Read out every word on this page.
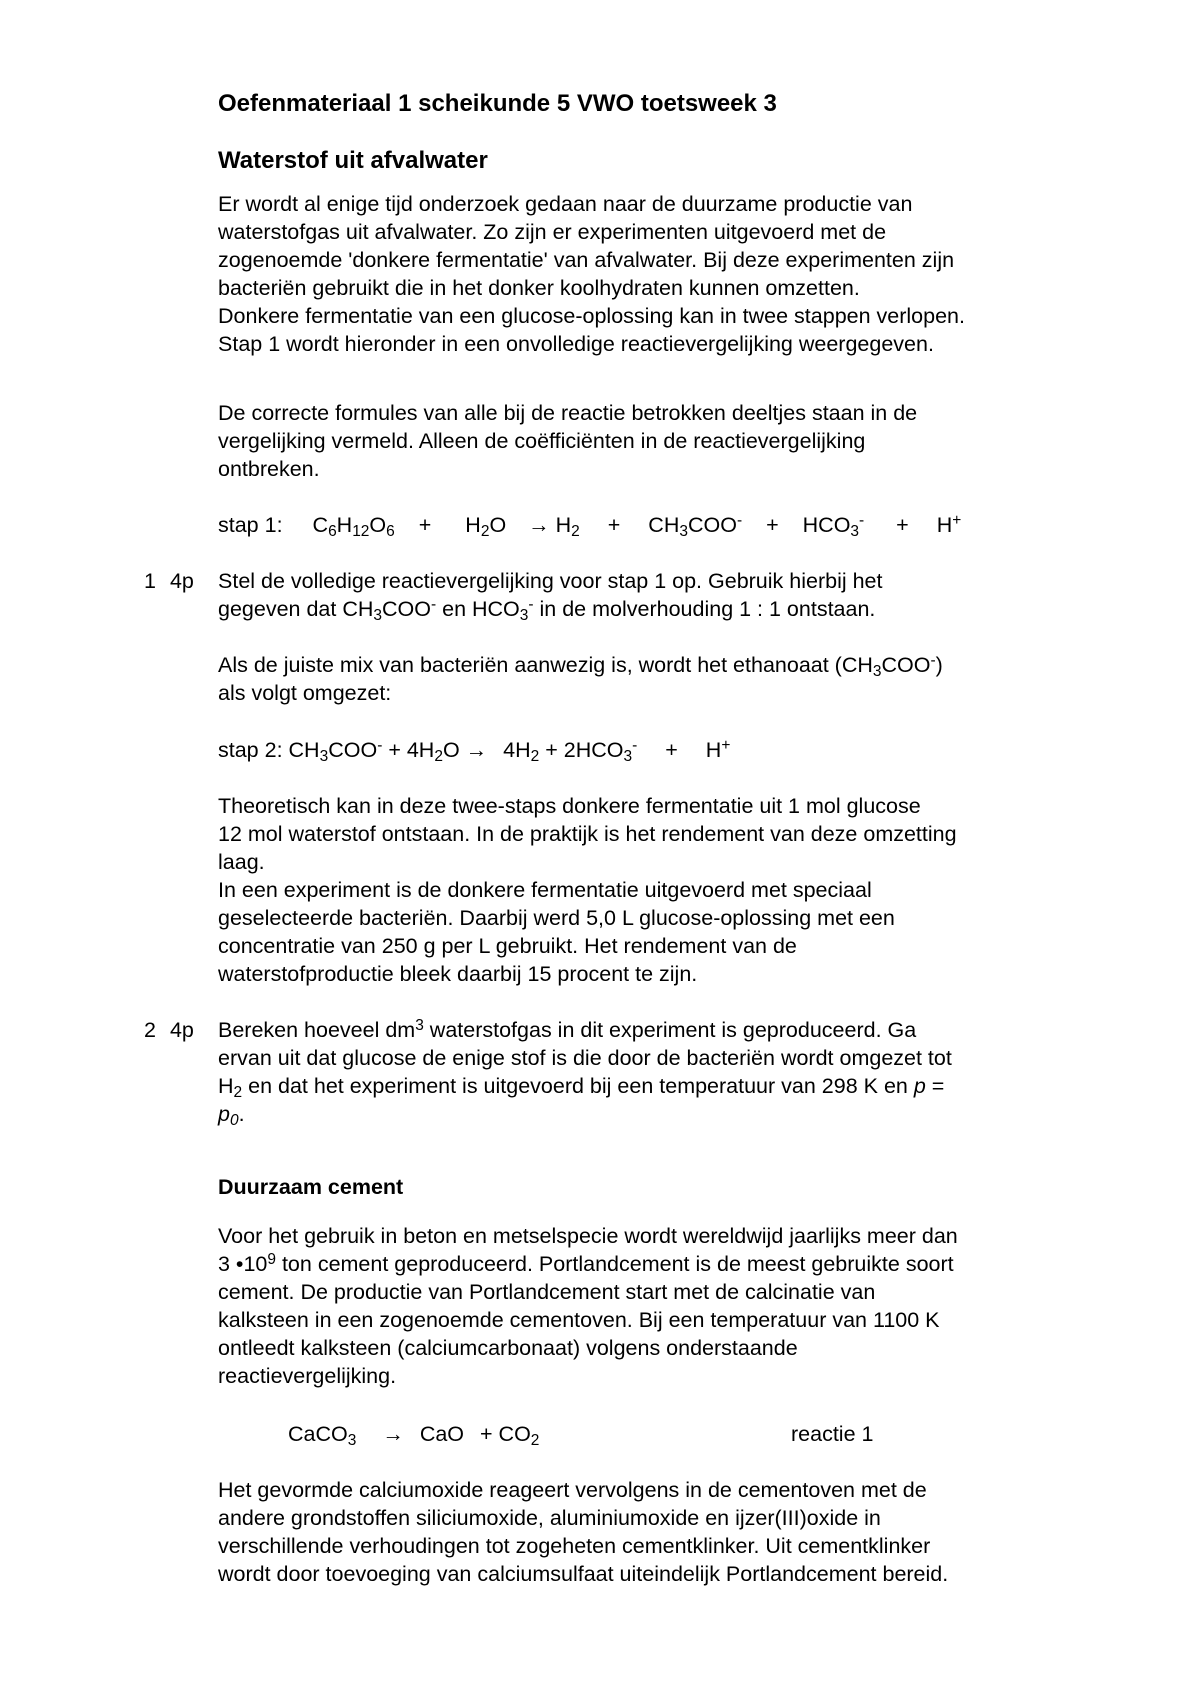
Oefenmateriaal 1 scheikunde 5 VWO toetsweek 3
Waterstof uit afvalwater

Er wordt al enige tijd onderzoek gedaan naar de duurzame productie van

waterstofgas uit afvalwater. Zo zijn er experimenten uitgevoerd met de

zogenoemde 'donkere fermentatie' van afvalwater. Bij deze experimenten zijn

bacteriën gebruikt die in het donker koolhydraten kunnen omzetten.

Donkere fermentatie van een glucose-oplossing kan in twee stappen verlopen.

Stap 1 wordt hieronder in een onvolledige reactievergelijking weergegeven.

De correcte formules van alle bij de reactie betrokken deeltjes staan in de

vergelijking vermeld. Alleen de coëfficiënten in de reactievergelijking

ontbreken.

stap 1: $C_6H_{12}O_6 + H_2O \to H_2 + CH_3COO^- + HCO_3^- + H^+$

1 4p	Stel de volledige reactievergelijking voor stap 1 op. Gebruik hierbij het

gegeven dat $CH_3COO^-$ en $HCO_3^-$ in de molverhouding 1 : 1 ontstaan.

Als de juiste mix van bacteriën aanwezig is, wordt het ethanoaat $(CH_3COO^-)$

als volgt omgezet:

stap 2: $CH_3COO^- + 4H_2O \to 4H_2 + 2HCO_3^- + H^+$

Theoretisch kan in deze twee-staps donkere fermentatie uit 1 mol glucose

12 mol waterstof ontstaan. In de praktijk is het rendement van deze omzetting

laag.

In een experiment is de donkere fermentatie uitgevoerd met speciaal

geselecteerde bacteriën. Daarbij werd 5,0 L glucose-oplossing met een

concentratie van 250 g per L gebruikt. Het rendement van de

waterstofproductie bleek daarbij 15 procent te zijn.

2 4p	Bereken hoeveel $dm^3$ waterstofgas in dit experiment is geproduceerd. Ga

ervan uit dat glucose de enige stof is die door de bacteriën wordt omgezet tot

$H_2$ en dat het experiment is uitgevoerd bij een temperatuur van 298 K en p =

$p_0$.

Duurzaam cement

Voor het gebruik in beton en metselspecie wordt wereldwijd jaarlijks meer dan

3 $•10^9$ ton cement geproduceerd. Portlandcement is de meest gebruikte soort

cement. De productie van Portlandcement start met de calcinatie van

kalksteen in een zogenoemde cementoven. Bij een temperatuur van 1100 K

ontleedt kalksteen (calciumcarbonaat) volgens onderstaande

reactievergelijking.

CaCO$_3$ → CaO + $CO_2$	reactie 1

Het gevormde calciumoxide reageert vervolgens in de cementoven met de

andere grondstoffen siliciumoxide, aluminiumoxide en ijzer(III)oxide in

verschillende verhoudingen tot zogeheten cementklinker. Uit cementklinker

wordt door toevoeging van calciumsulfaat uiteindelijk Portlandcement bereid.
